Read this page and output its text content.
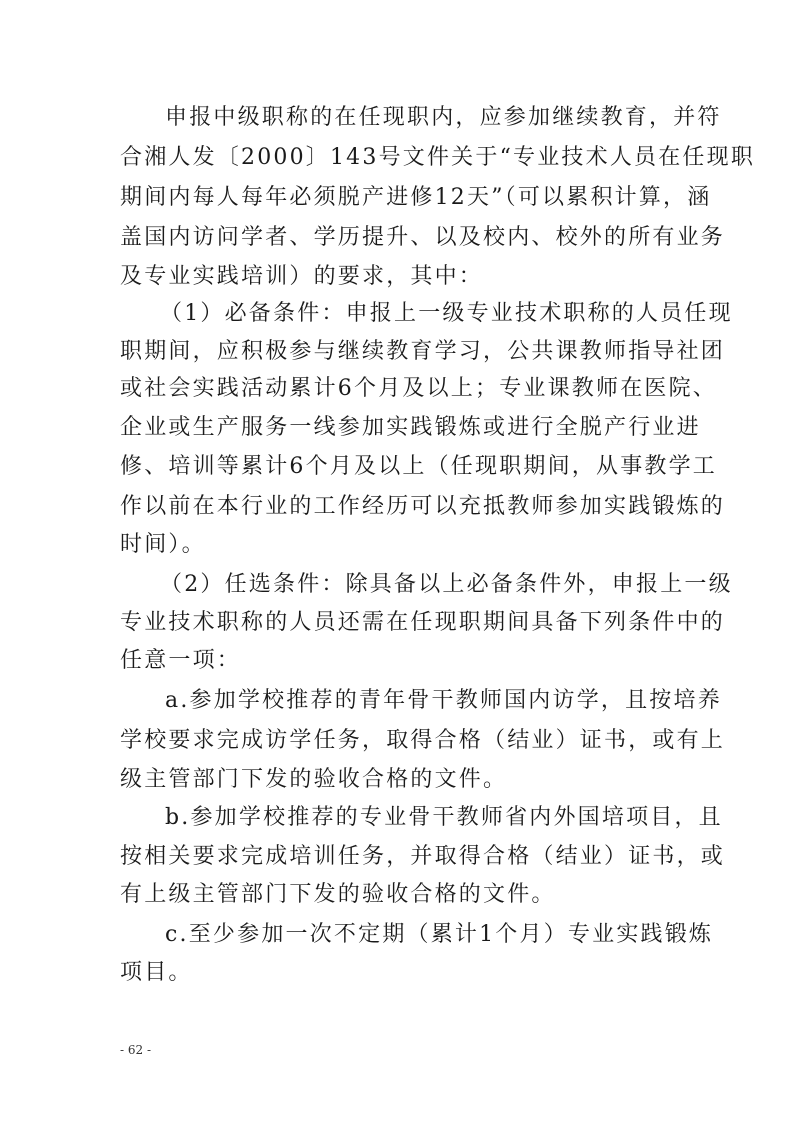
申报中级职称的在任现职内，应参加继续教育，并符
合湘人发〔2000〕143号文件关于“专业技术人员在任现职
期间内每人每年必须脱产进修12天”（可以累积计算，涵
盖国内访问学者、学历提升、以及校内、校外的所有业务
及专业实践培训）的要求，其中：
（1）必备条件：申报上一级专业技术职称的人员任现
职期间，应积极参与继续教育学习，公共课教师指导社团
或社会实践活动累计6个月及以上；专业课教师在医院、
企业或生产服务一线参加实践锻炼或进行全脱产行业进
修、培训等累计6个月及以上（任现职期间，从事教学工
作以前在本行业的工作经历可以充抵教师参加实践锻炼的
时间）。
（2）任选条件：除具备以上必备条件外，申报上一级
专业技术职称的人员还需在任现职期间具备下列条件中的
任意一项：
a.参加学校推荐的青年骨干教师国内访学，且按培养
学校要求完成访学任务，取得合格（结业）证书，或有上
级主管部门下发的验收合格的文件。
b.参加学校推荐的专业骨干教师省内外国培项目，且
按相关要求完成培训任务，并取得合格（结业）证书，或
有上级主管部门下发的验收合格的文件。
c.至少参加一次不定期（累计1个月）专业实践锻炼
项目。
- 62 -
